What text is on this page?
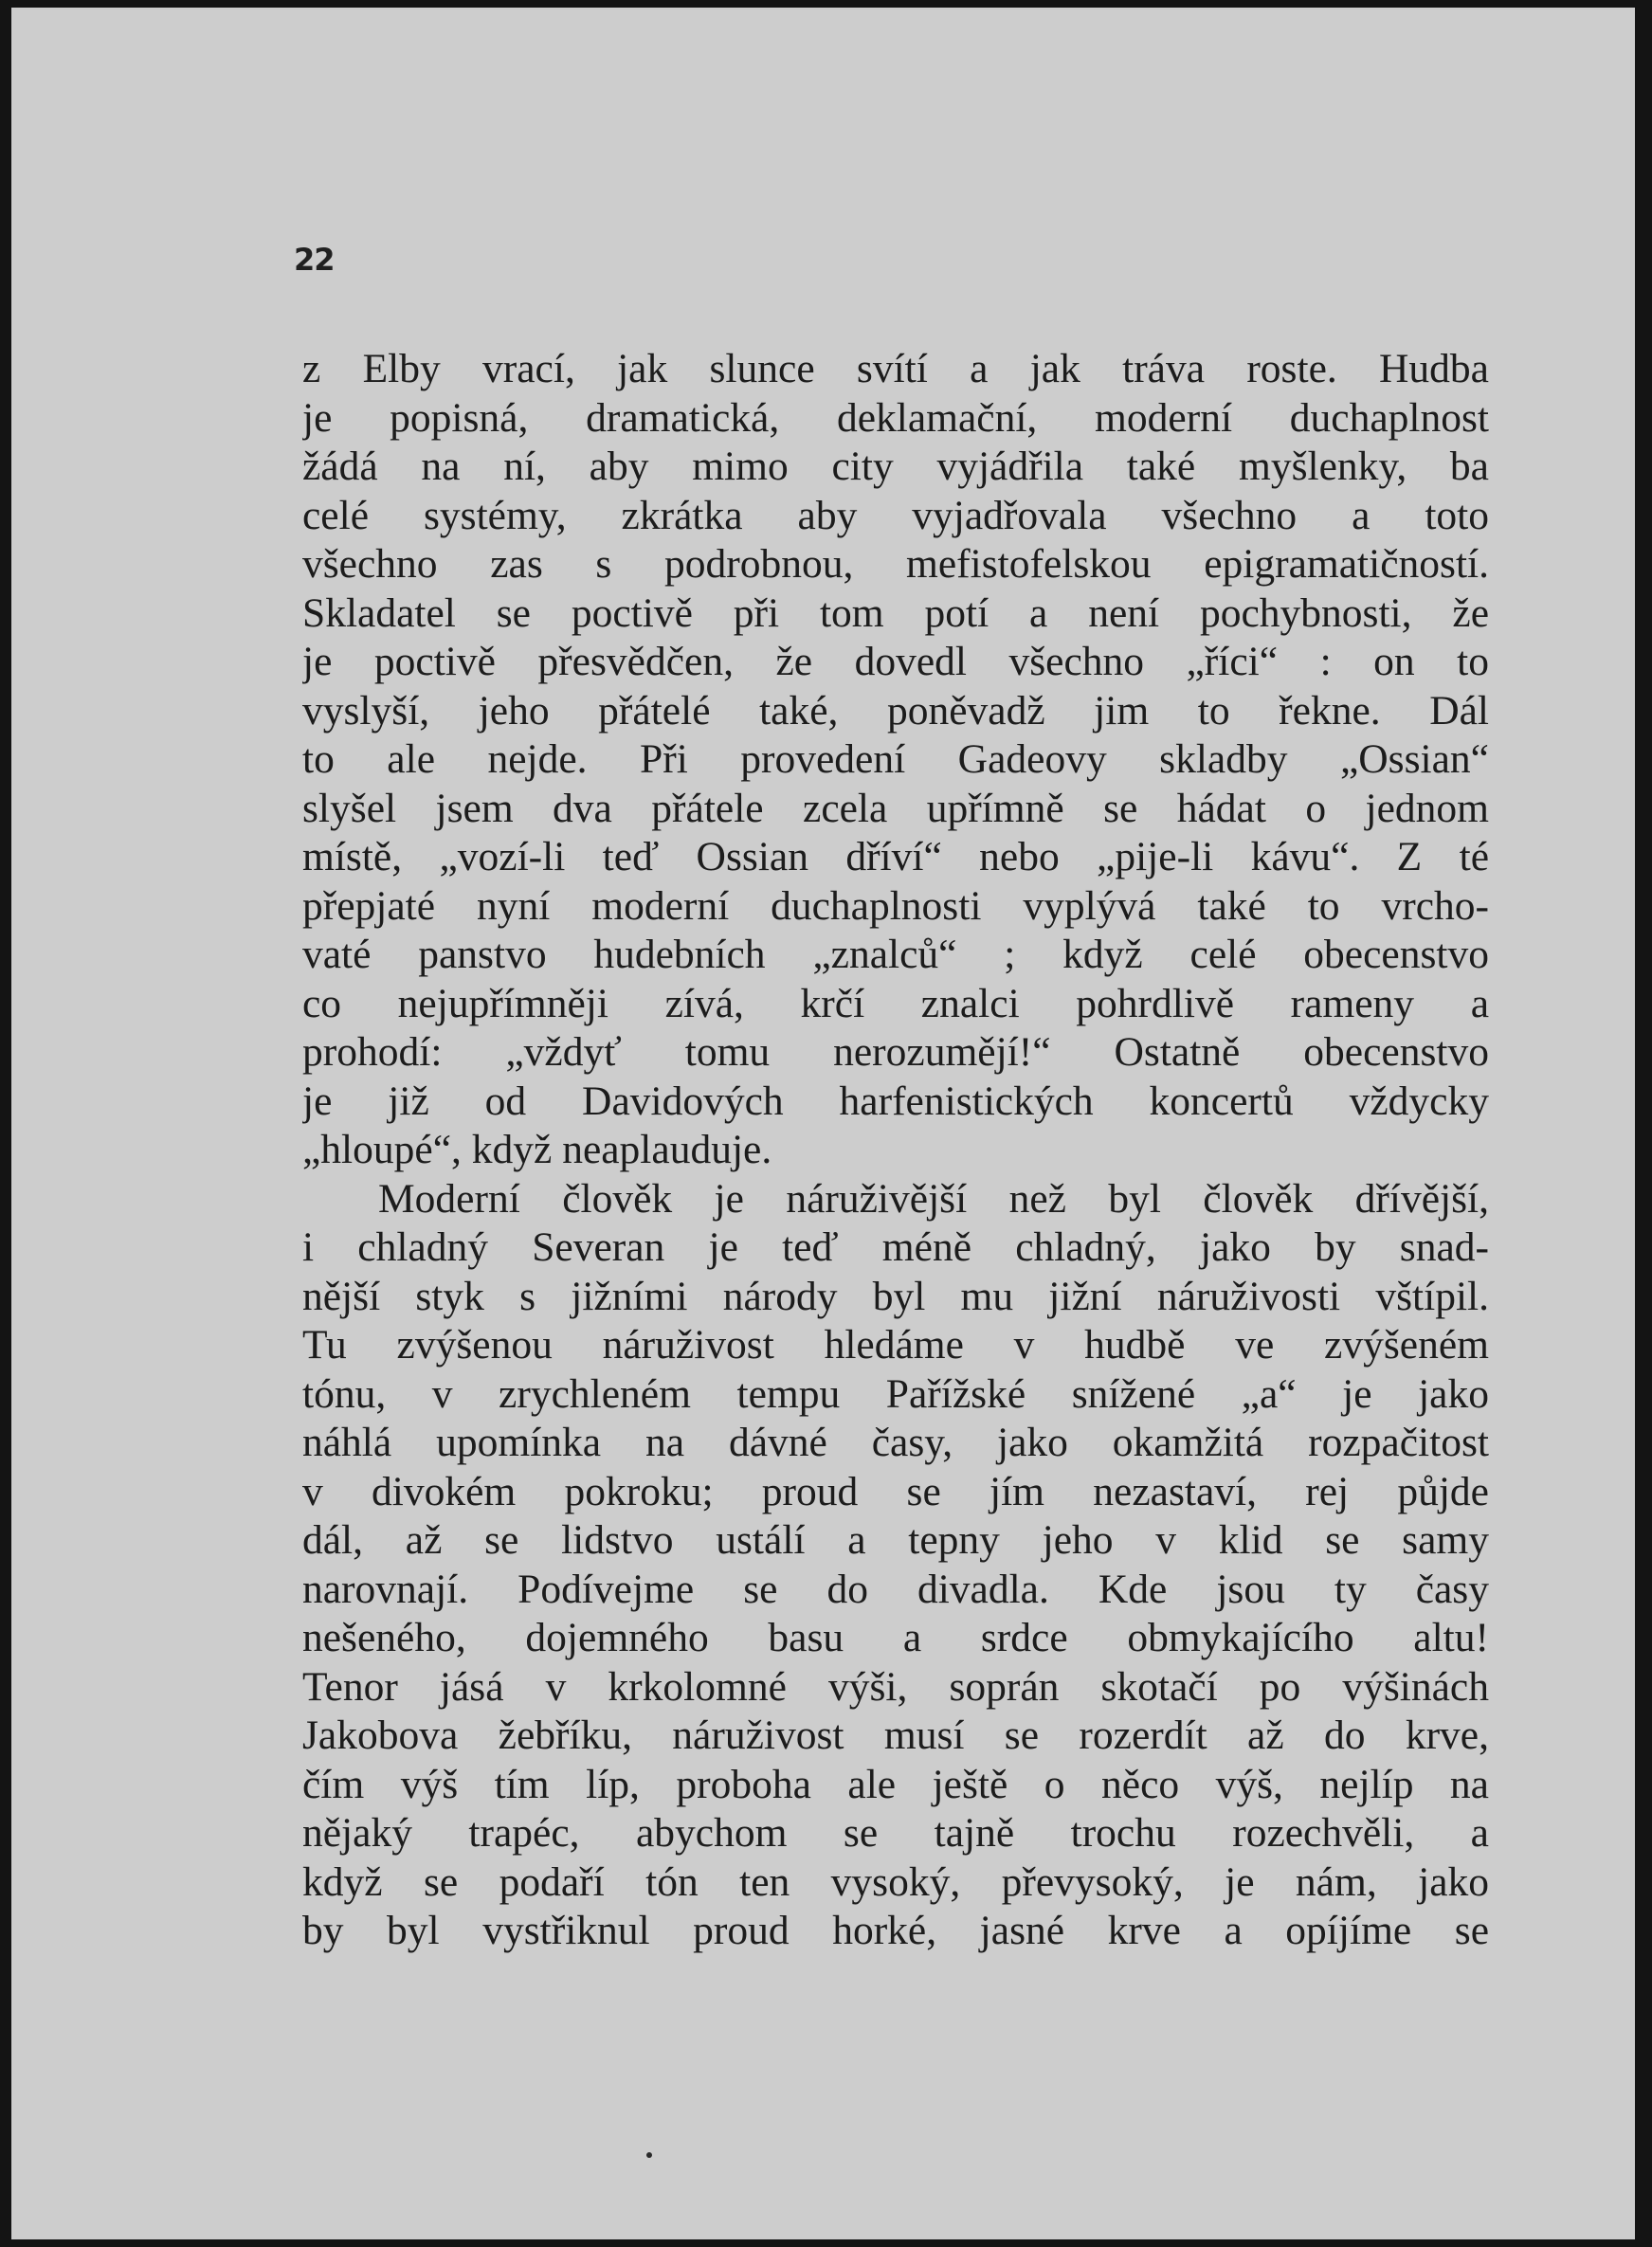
22
z Elby vrací, jak slunce svítí a jak tráva roste. Hudba
je popisná, dramatická, deklamační, moderní duchaplnost
žádá na ní, aby mimo city vyjádřila také myšlenky, ba
celé systémy, zkrátka aby vyjadřovala všechno a toto
všechno zas s podrobnou, mefistofelskou epigramatičností.
Skladatel se poctivě při tom potí a není pochybnosti, že
je poctivě přesvědčen, že dovedl všechno „říci“ : on to
vyslyší, jeho přátelé také, poněvadž jim to řekne. Dál
to ale nejde. Při provedení Gadeovy skladby „Ossian“
slyšel jsem dva přátele zcela upřímně se hádat o jednom
místě, „vozí-li teď Ossian dříví“ nebo „pije-li kávu“. Z té
přepjaté nyní moderní duchaplnosti vyplývá také to vrcho-
vaté panstvo hudebních „znalců“ ; když celé obecenstvo
co nejupřímněji zívá, krčí znalci pohrdlivě rameny a
prohodí: „vždyť tomu nerozumějí!“ Ostatně obecenstvo
je již od Davidových harfenistických koncertů vždycky
„hloupé“, když neaplauduje.
Moderní člověk je náruživější než byl člověk dřívější,
i chladný Severan je teď méně chladný, jako by snad-
nější styk s jižními národy byl mu jižní náruživosti vštípil.
Tu zvýšenou náruživost hledáme v hudbě ve zvýšeném
tónu, v zrychleném tempu Pařížské snížené „a“ je jako
náhlá upomínka na dávné časy, jako okamžitá rozpačitost
v divokém pokroku; proud se jím nezastaví, rej půjde
dál, až se lidstvo ustálí a tepny jeho v klid se samy
narovnají. Podívejme se do divadla. Kde jsou ty časy
nešeného, dojemného basu a srdce obmykajícího altu!
Tenor jásá v krkolomné výši, soprán skotačí po výšinách
Jakobova žebříku, náruživost musí se rozerdít až do krve,
čím výš tím líp, proboha ale ještě o něco výš, nejlíp na
nějaký trapéc, abychom se tajně trochu rozechvěli, a
když se podaří tón ten vysoký, převysoký, je nám, jako
by byl vystřiknul proud horké, jasné krve a opíjíme se
